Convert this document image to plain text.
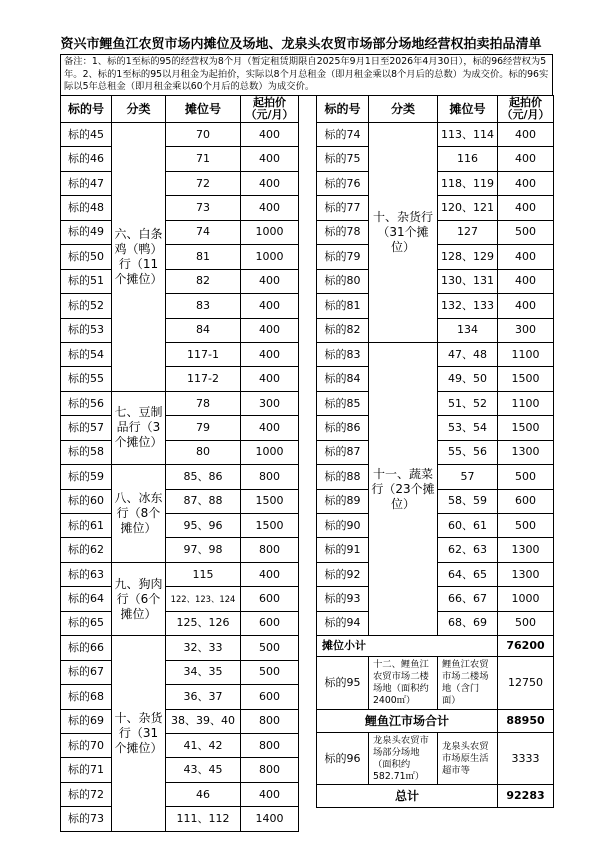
资兴市鲤鱼江农贸市场内摊位及场地、龙泉头农贸市场部分场地经营权拍卖拍品清单
备注：1、标的1至标的95的经营权为8个月（暂定租赁期限自2025年9月1日至2026年4月30日），标的96经营权为5年。2、标的1至标的95以月租金为起拍价，实际以8个月总租金（即月租金乘以8个月后的总数）为成交价。标的96实际以5年总租金（即月租金乘以60个月后的总数）为成交价。
标的号	分类	摊位号	起拍价
（元/月）
标的45	六、白条鸡（鸭）行（11个摊位）	70	400
标的46		71	400
标的47		72	400
标的48		73	400
标的49		74	1000
标的50		81	1000
标的51		82	400
标的52		83	400
标的53		84	400
标的54		117-1	400
标的55		117-2	400
标的56	七、豆制品行（3个摊位）	78	300
标的57		79	400
标的58		80	1000
标的59	八、冰东行（8个摊位）	85、86	800
标的60		87、88	1500
标的61		95、96	1500
标的62		97、98	800
标的63	九、狗肉行（6个摊位）	115	400
标的64		122、123、124	600
标的65		125、126	600
标的66	十、杂货行（31个摊位）	32、33	500
标的67		34、35	500
标的68		36、37	600
标的69		38、39、40	800
标的70		41、42	800
标的71		43、45	800
标的72		46	400
标的73		111、112	1400
标的号	分类	摊位号	起拍价
（元/月）
标的74	十、杂货行（31个摊位）	113、114	400
标的75		116	400
标的76		118、119	400
标的77		120、121	400
标的78		127	500
标的79		128、129	400
标的80		130、131	400
标的81		132、133	400
标的82		134	300
标的83	十一、蔬菜行（23个摊位）	47、48	1100
标的84		49、50	1500
标的85		51、52	1100
标的86		53、54	1500
标的87		55、56	1300
标的88		57	500
标的89		58、59	600
标的90		60、61	500
标的91		62、63	1300
标的92		64、65	1300
标的93		66、67	1000
标的94		68、69	500
摊位小计			76200
标的95	十二、鲤鱼江农贸市场二楼场地（面积约2400㎡）	鲤鱼江农贸市场二楼场地（含门面）	12750
鲤鱼江市场合计			88950
标的96	龙泉头农贸市场部分场地（面积约582.71㎡）	龙泉头农贸市场原生活超市等	3333
总计			92283
